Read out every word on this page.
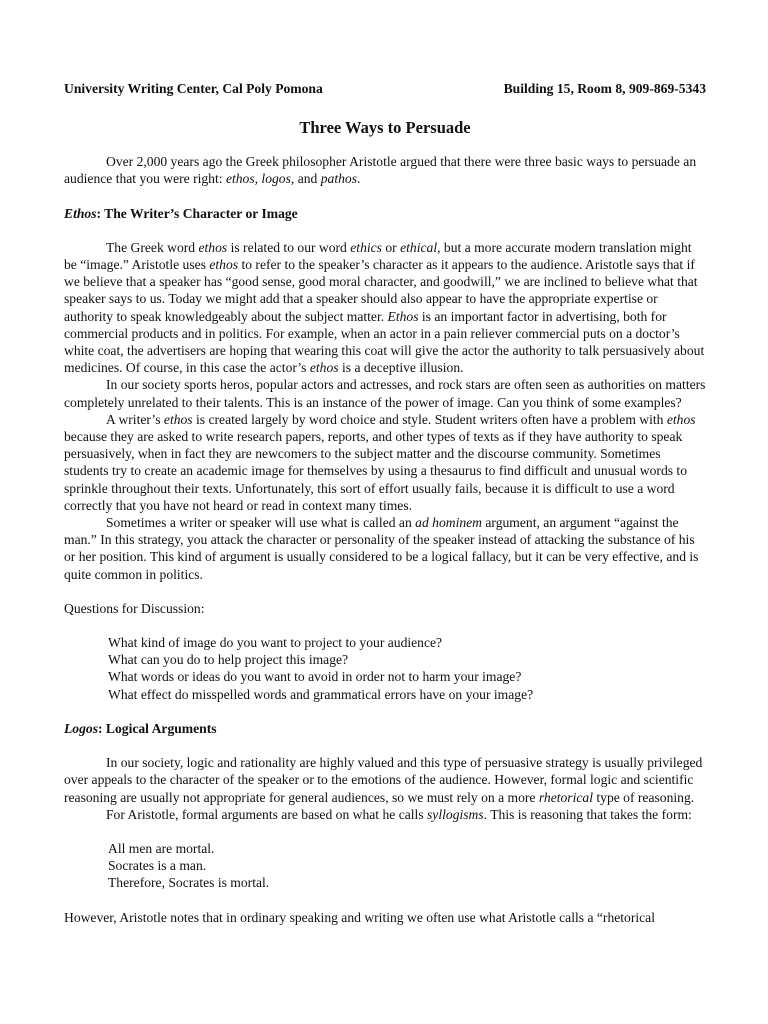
University Writing Center, Cal Poly Pomona	Building 15, Room 8, 909-869-5343
Three Ways to Persuade

Over 2,000 years ago the Greek philosopher Aristotle argued that there were three basic ways to persuade an audience that you were right: ethos, logos, and pathos.

Ethos: The Writer’s Character or Image

The Greek word ethos is related to our word ethics or ethical, but a more accurate modern translation might be “image.” Aristotle uses ethos to refer to the speaker’s character as it appears to the audience. Aristotle says that if we believe that a speaker has “good sense, good moral character, and goodwill,” we are inclined to believe what that speaker says to us. Today we might add that a speaker should also appear to have the appropriate expertise or authority to speak knowledgeably about the subject matter. Ethos is an important factor in advertising, both for commercial products and in politics. For example, when an actor in a pain reliever commercial puts on a doctor’s white coat, the advertisers are hoping that wearing this coat will give the actor the authority to talk persuasively about medicines. Of course, in this case the actor’s ethos is a deceptive illusion.

In our society sports heros, popular actors and actresses, and rock stars are often seen as authorities on matters completely unrelated to their talents. This is an instance of the power of image. Can you think of some examples?

A writer’s ethos is created largely by word choice and style. Student writers often have a problem with ethos because they are asked to write research papers, reports, and other types of texts as if they have authority to speak persuasively, when in fact they are newcomers to the subject matter and the discourse community. Sometimes students try to create an academic image for themselves by using a thesaurus to find difficult and unusual words to sprinkle throughout their texts. Unfortunately, this sort of effort usually fails, because it is difficult to use a word correctly that you have not heard or read in context many times.

Sometimes a writer or speaker will use what is called an ad hominem argument, an argument “against the man.” In this strategy, you attack the character or personality of the speaker instead of attacking the substance of his or her position. This kind of argument is usually considered to be a logical fallacy, but it can be very effective, and is quite common in politics.

Questions for Discussion:

What kind of image do you want to project to your audience?

What can you do to help project this image?

What words or ideas do you want to avoid in order not to harm your image?

What effect do misspelled words and grammatical errors have on your image?

Logos: Logical Arguments

In our society, logic and rationality are highly valued and this type of persuasive strategy is usually privileged over appeals to the character of the speaker or to the emotions of the audience. However, formal logic and scientific reasoning are usually not appropriate for general audiences, so we must rely on a more rhetorical type of reasoning.

For Aristotle, formal arguments are based on what he calls syllogisms. This is reasoning that takes the form:

All men are mortal.

Socrates is a man.

Therefore, Socrates is mortal.

However, Aristotle notes that in ordinary speaking and writing we often use what Aristotle calls a “rhetorical
